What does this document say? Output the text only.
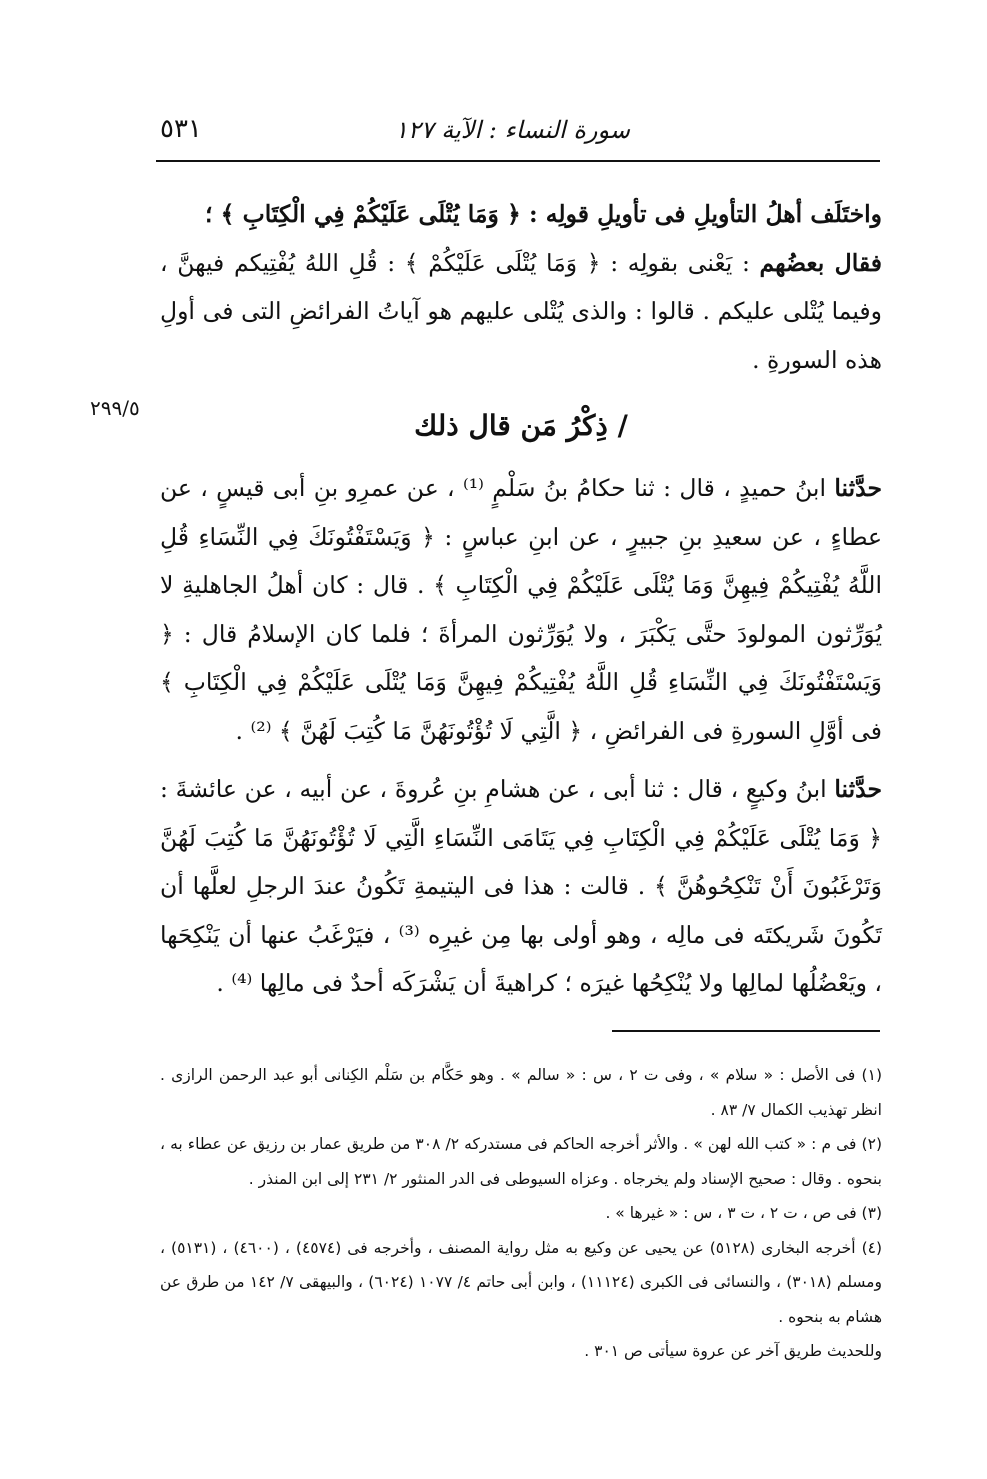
سورة النساء : الآية ١٢٧
٥٣١
٢٩٩/٥

واختَلَف أهلُ التأويلِ فى تأويلِ قولِه : ﴿ وَمَا يُتْلَى عَلَيْكُمْ فِي الْكِتَابِ ﴾ ؛

فقال بعضُهم : يَعْنى بقولِه : ﴿ وَمَا يُتْلَى عَلَيْكُمْ ﴾ : قُلِ اللهُ يُفْتِيكم فيهنَّ ، وفيما يُتْلى عليكم . قالوا : والذى يُتْلى عليهم هو آياتُ الفرائضِ التى فى أولِ هذه السورةِ .

/ ذِكْرُ مَن قال ذلك

حدَّثنا ابنُ حميدٍ ، قال : ثنا حكامُ بنُ سَلْمٍ ⁽¹⁾ ، عن عمرِو بنِ أبى قيسٍ ، عن عطاءٍ ، عن سعيدِ بنِ جبيرٍ ، عن ابنِ عباسٍ : ﴿ وَيَسْتَفْتُونَكَ فِي النِّسَاءِ قُلِ اللَّهُ يُفْتِيكُمْ فِيهِنَّ وَمَا يُتْلَى عَلَيْكُمْ فِي الْكِتَابِ ﴾ . قال : كان أهلُ الجاهليةِ لا يُوَرِّثون المولودَ حتَّى يَكْبَرَ ، ولا يُوَرِّثون المرأةَ ؛ فلما كان الإسلامُ قال : ﴿ وَيَسْتَفْتُونَكَ فِي النِّسَاءِ قُلِ اللَّهُ يُفْتِيكُمْ فِيهِنَّ وَمَا يُتْلَى عَلَيْكُمْ فِي الْكِتَابِ ﴾ فى أوَّلِ السورةِ فى الفرائضِ ، ﴿ الَّتِي لَا تُؤْتُونَهُنَّ مَا كُتِبَ لَهُنَّ ﴾ ⁽²⁾ .

حدَّثنا ابنُ وكيعٍ ، قال : ثنا أبى ، عن هشامِ بنِ عُروةَ ، عن أبيه ، عن عائشةَ : ﴿ وَمَا يُتْلَى عَلَيْكُمْ فِي الْكِتَابِ فِي يَتَامَى النِّسَاءِ الَّتِي لَا تُؤْتُونَهُنَّ مَا كُتِبَ لَهُنَّ وَتَرْغَبُونَ أَنْ تَنْكِحُوهُنَّ ﴾ . قالت : هذا فى اليتيمةِ تَكُونُ عندَ الرجلِ لعلَّها أن تَكُونَ شَريكتَه فى مالِه ، وهو أولى بها مِن غيرِه ⁽³⁾ ، فيَرْغَبُ عنها أن يَنْكِحَها ، ويَعْضُلُها لمالِها ولا يُنْكِحُها غيرَه ؛ كراهيةَ أن يَشْرَكَه أحدٌ فى مالِها ⁽⁴⁾ .

(١) فى الأصل : « سلام » ، وفى ت ٢ ، س : « سالم » . وهو حَكَّام بن سَلْم الكِنانى أبو عبد الرحمن الرازى . انظر تهذيب الكمال ٧/ ٨٣ .

(٢) فى م : « كتب الله لهن » . والأثر أخرجه الحاكم فى مستدركه ٢/ ٣٠٨ من طريق عمار بن رزيق عن عطاء به ، بنحوه . وقال : صحيح الإسناد ولم يخرجاه . وعزاه السيوطى فى الدر المنثور ٢/ ٢٣١ إلى ابن المنذر .

(٣) فى ص ، ت ٢ ، ت ٣ ، س : « غيرها » .

(٤) أخرجه البخارى (٥١٢٨) عن يحيى عن وكيع به مثل رواية المصنف ، وأخرجه فى (٤٥٧٤) ، (٤٦٠٠) ، (٥١٣١) ، ومسلم (٣٠١٨) ، والنسائى فى الكبرى (١١١٢٤) ، وابن أبى حاتم ٤/ ١٠٧٧ (٦٠٢٤) ، والبيهقى ٧/ ١٤٢ من طرق عن هشام به بنحوه .

وللحديث طريق آخر عن عروة سيأتى ص ٣٠١ .
